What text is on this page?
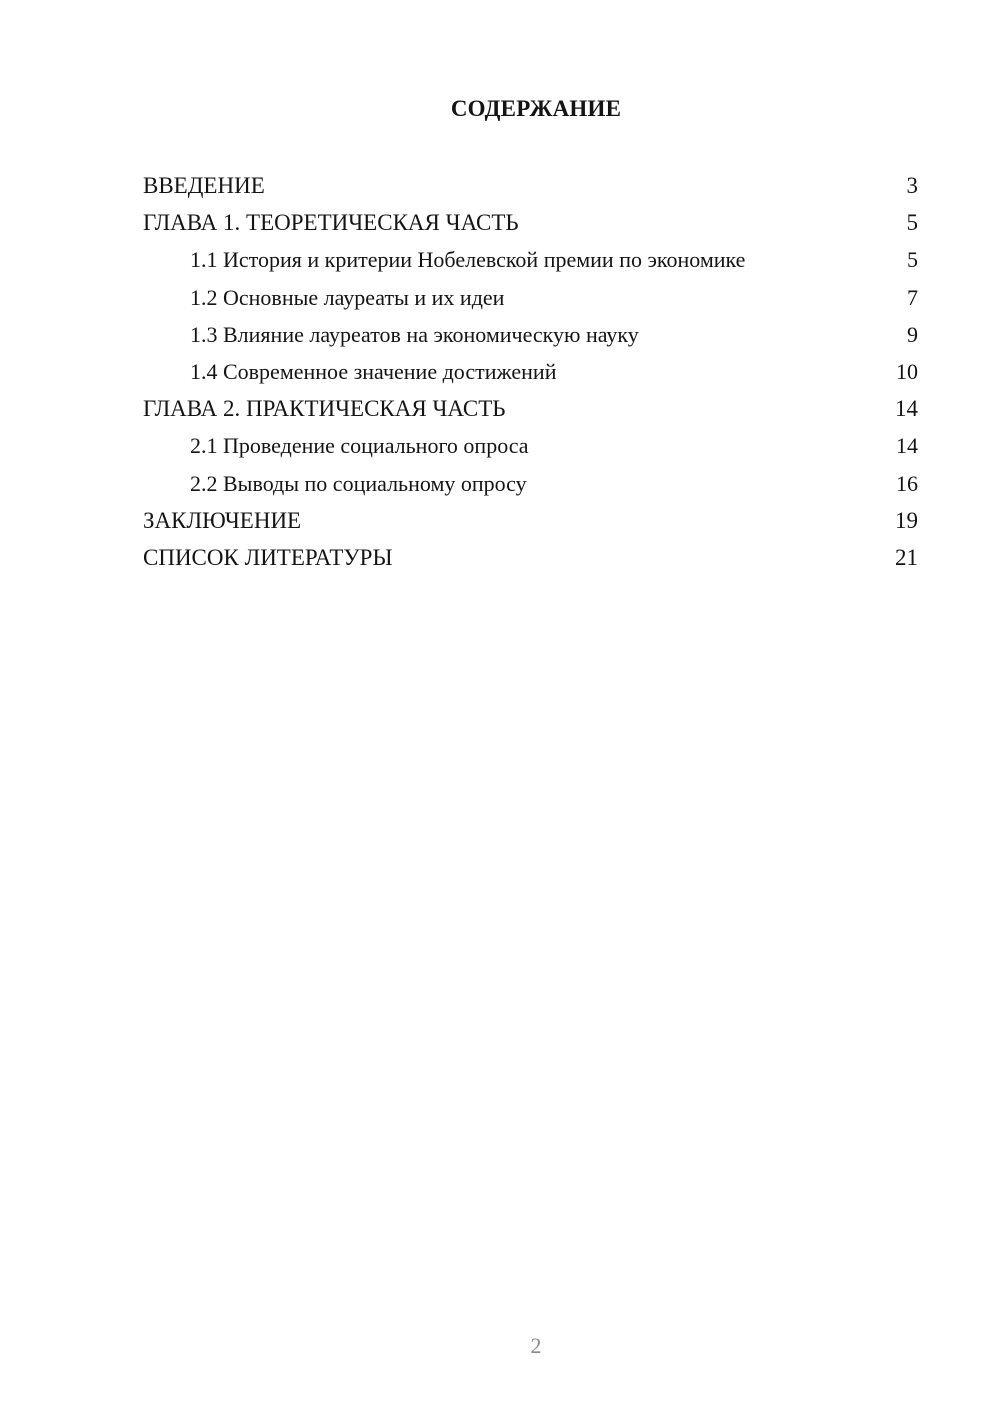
СОДЕРЖАНИЕ
ВВЕДЕНИЕ	3
ГЛАВА 1. ТЕОРЕТИЧЕСКАЯ ЧАСТЬ	5
1.1 История и критерии Нобелевской премии по экономике	5
1.2 Основные лауреаты и их идеи	7
1.3 Влияние лауреатов на экономическую науку	9
1.4 Современное значение достижений	10
ГЛАВА 2. ПРАКТИЧЕСКАЯ ЧАСТЬ	14
2.1 Проведение социального опроса	14
2.2 Выводы по социальному опросу	16
ЗАКЛЮЧЕНИЕ	19
СПИСОК ЛИТЕРАТУРЫ	21
2
